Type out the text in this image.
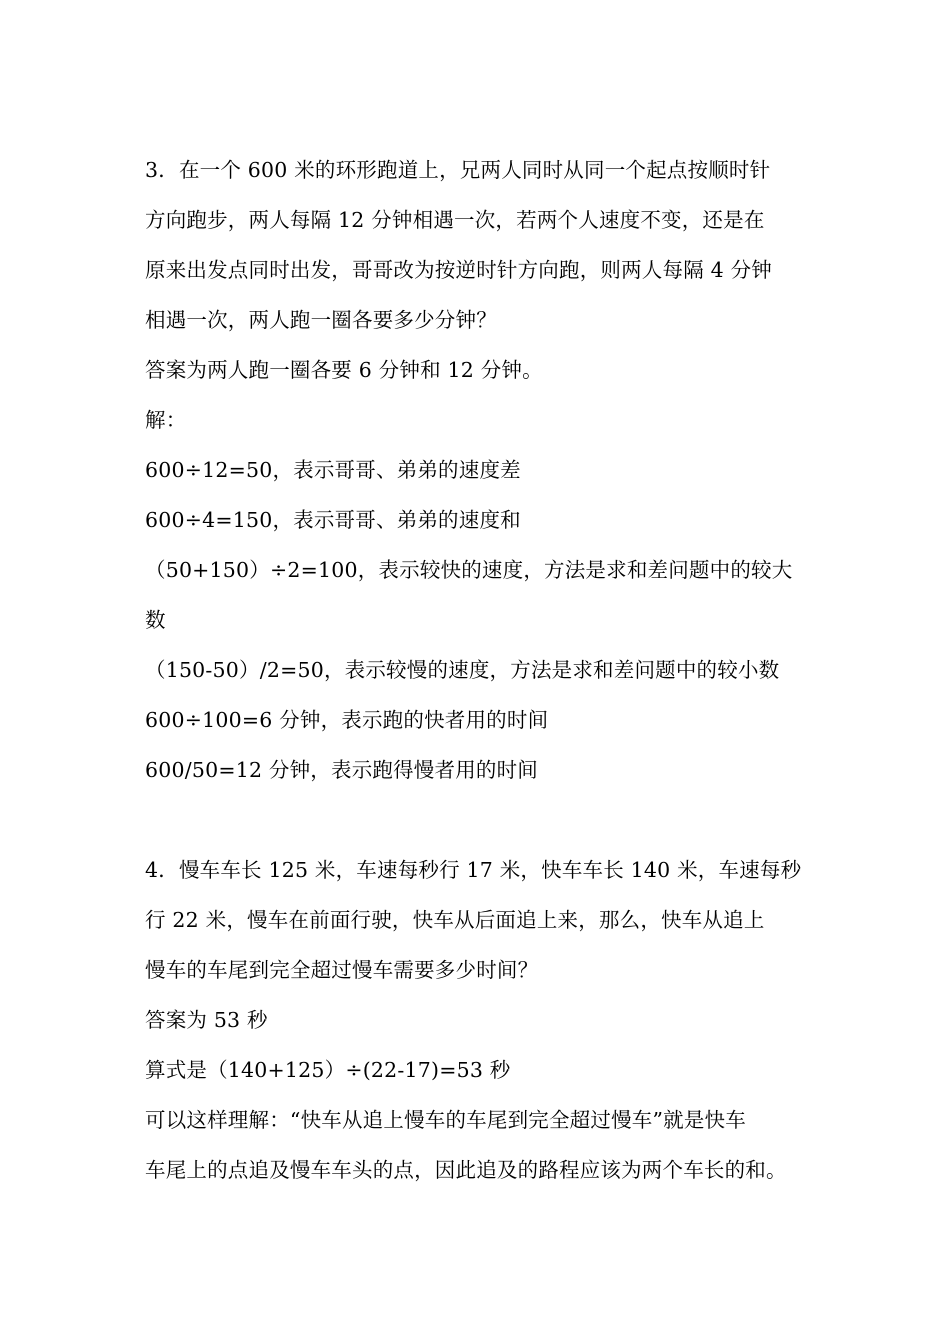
3．在一个 600 米的环形跑道上，兄两人同时从同一个起点按顺时针
方向跑步，两人每隔 12 分钟相遇一次，若两个人速度不变，还是在
原来出发点同时出发，哥哥改为按逆时针方向跑，则两人每隔 4 分钟
相遇一次，两人跑一圈各要多少分钟？
答案为两人跑一圈各要 6 分钟和 12 分钟。
解：
600÷12=50，表示哥哥、弟弟的速度差
600÷4=150，表示哥哥、弟弟的速度和
（50+150）÷2=100，表示较快的速度，方法是求和差问题中的较大
数
（150-50）/2=50，表示较慢的速度，方法是求和差问题中的较小数
600÷100=6 分钟，表示跑的快者用的时间
600/50=12 分钟，表示跑得慢者用的时间
4．慢车车长 125 米，车速每秒行 17 米，快车车长 140 米，车速每秒
行 22 米，慢车在前面行驶，快车从后面追上来，那么，快车从追上
慢车的车尾到完全超过慢车需要多少时间？
答案为 53 秒
算式是（140+125）÷(22-17)=53 秒
可以这样理解：“快车从追上慢车的车尾到完全超过慢车”就是快车
车尾上的点追及慢车车头的点，因此追及的路程应该为两个车长的和。
